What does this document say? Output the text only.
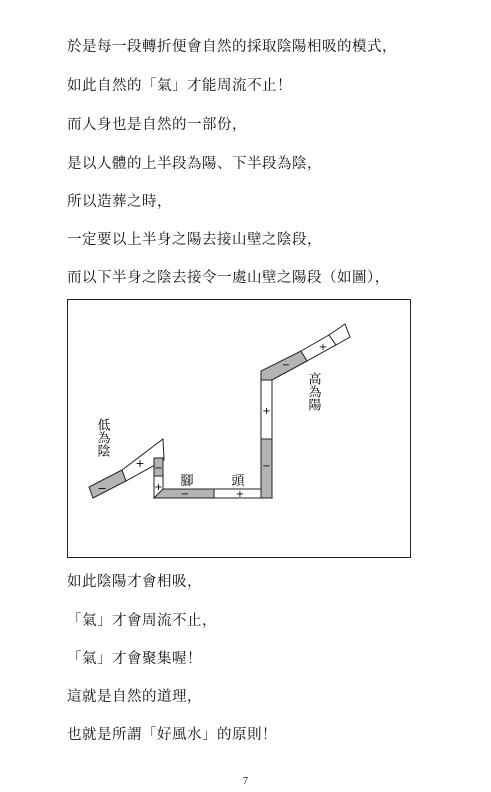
於是每一段轉折便會自然的採取陰陽相吸的模式，
如此自然的「氣」才能周流不止！
而人身也是自然的一部份，
是以人體的上半段為陽、下半段為陰，
所以造葬之時，
一定要以上半身之陽去接山壁之陰段，
而以下半身之陰去接令一處山壁之陽段（如圖），
−
+ −
+
−	+
−
+
−
+
低為陰
高為陽
腳	頭
如此陰陽才會相吸，
「氣」才會周流不止，
「氣」才會聚集喔！
這就是自然的道理，
也就是所謂「好風水」的原則！
7
